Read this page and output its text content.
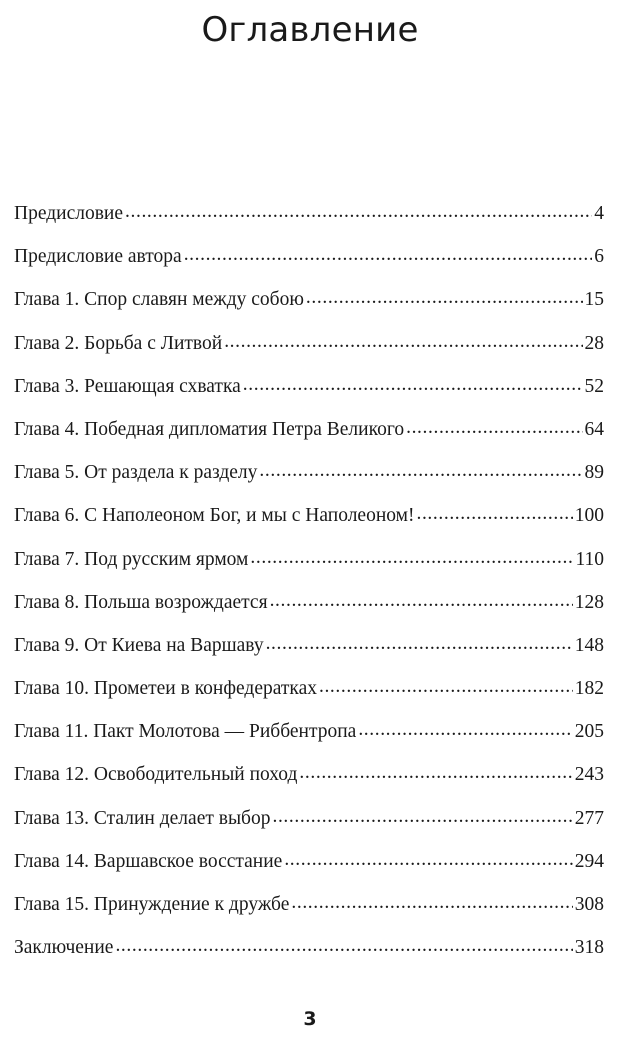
Оглавление
Предисловие .....	4
Предисловие автора .....	6
Глава 1. Спор славян между собою .....	15
Глава 2. Борьба с Литвой .....	28
Глава 3. Решающая схватка .....	52
Глава 4. Победная дипломатия Петра Великого .....	64
Глава 5. От раздела к разделу .....	89
Глава 6. С Наполеоном Бог, и мы с Наполеоном! .....	100
Глава 7. Под русским ярмом .....	110
Глава 8. Польша возрождается .....	128
Глава 9. От Киева на Варшаву .....	148
Глава 10. Прометеи в конфедератках .....	182
Глава 11. Пакт Молотова — Риббентропа .....	205
Глава 12. Освободительный поход .....	243
Глава 13. Сталин делает выбор .....	277
Глава 14. Варшавское восстание .....	294
Глава 15. Принуждение к дружбе .....	308
Заключение .....	318
3
